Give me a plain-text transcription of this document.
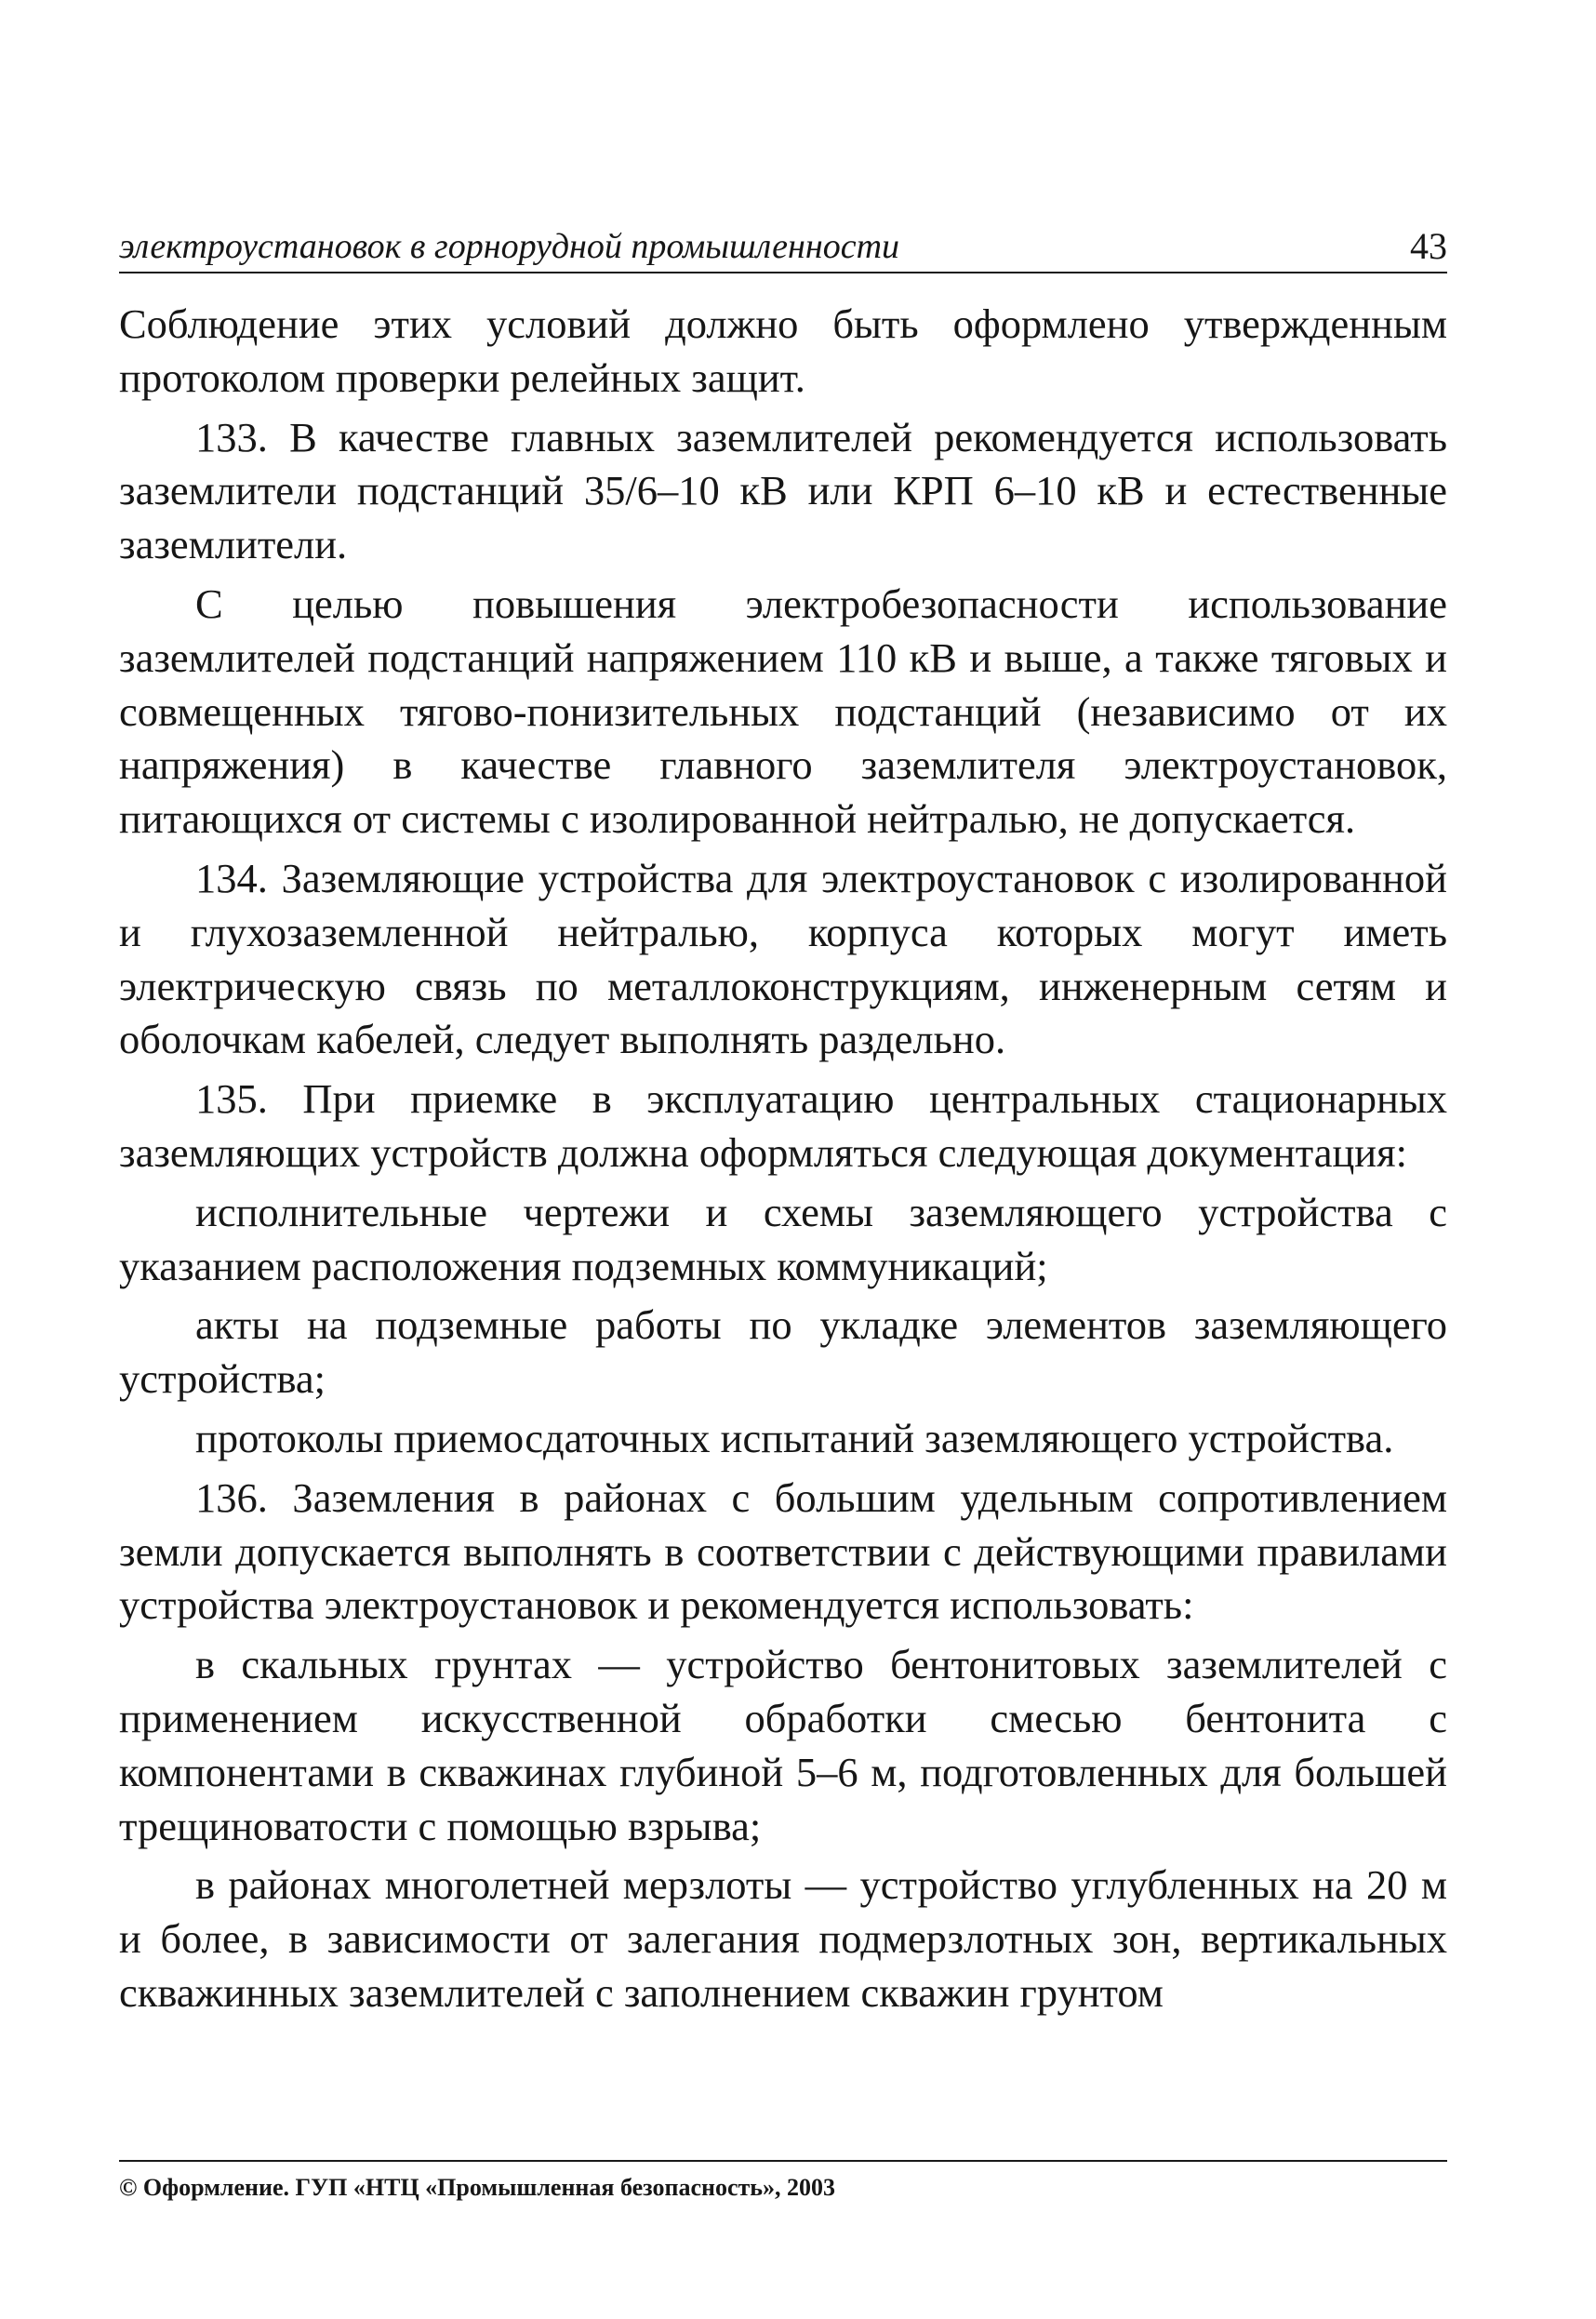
электроустановок в горнорудной промышленности	43

Соблюдение этих условий должно быть оформлено утвержденным протоколом проверки релейных защит.

133. В качестве главных заземлителей рекомендуется использовать заземлители подстанций 35/6–10 кВ или КРП 6–10 кВ и естественные заземлители.

С целью повышения электробезопасности использование заземлителей подстанций напряжением 110 кВ и выше, а также тяговых и совмещенных тягово-понизительных подстанций (независимо от их напряжения) в качестве главного заземлителя электроустановок, питающихся от системы с изолированной нейтралью, не допускается.

134. Заземляющие устройства для электроустановок с изолированной и глухозаземленной нейтралью, корпуса которых могут иметь электрическую связь по металлоконструкциям, инженерным сетям и оболочкам кабелей, следует выполнять раздельно.

135. При приемке в эксплуатацию центральных стационарных заземляющих устройств должна оформляться следующая документация:

исполнительные чертежи и схемы заземляющего устройства с указанием расположения подземных коммуникаций;

акты на подземные работы по укладке элементов заземляющего устройства;

протоколы приемосдаточных испытаний заземляющего устройства.

136. Заземления в районах с большим удельным сопротивлением земли допускается выполнять в соответствии с действующими правилами устройства электроустановок и рекомендуется использовать:

в скальных грунтах — устройство бентонитовых заземлителей с применением искусственной обработки смесью бентонита с компонентами в скважинах глубиной 5–6 м, подготовленных для большей трещиноватости с помощью взрыва;

в районах многолетней мерзлоты — устройство углубленных на 20 м и более, в зависимости от залегания подмерзлотных зон, вертикальных скважинных заземлителей с заполнением скважин грунтом

© Оформление. ГУП «НТЦ «Промышленная безопасность», 2003
